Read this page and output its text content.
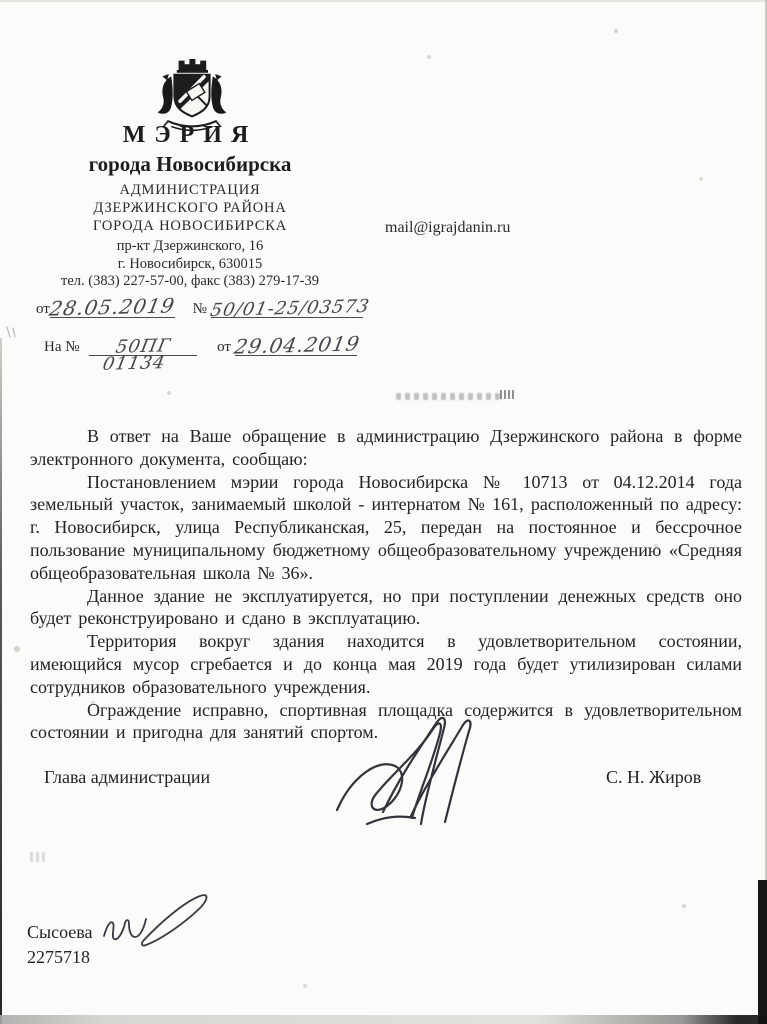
МЭРИЯ
города Новосибирска
АДМИНИСТРАЦИЯ
ДЗЕРЖИНСКОГО РАЙОНА
ГОРОДА НОВОСИБИРСКА	mail@igrajdanin.ru
пр-кт Дзержинского, 16
г. Новосибирск, 630015
тел. (383) 227-57-00, факс (383) 279-17-39
от28.05.2019 № 50/01-25/03573
На № 50ПГ
01134
от 29.04.2019

В ответ на Ваше обращение в администрацию Дзержинского района в форме электронного документа, сообщаю:

Постановлением мэрии города Новосибирска № 10713 от 04.12.2014 года земельный участок, занимаемый школой - интернатом № 161, расположенный по адресу: г. Новосибирск, улица Республиканская, 25, передан на постоянное и бессрочное пользование муниципальному бюджетному общеобразовательному учреждению «Средняя общеобразовательная школа № 36».

Данное здание не эксплуатируется, но при поступлении денежных средств оно будет реконструировано и сдано в эксплуатацию.

Территория вокруг здания находится в удовлетворительном состоянии, имеющийся мусор сгребается и до конца мая 2019 года будет утилизирован силами сотрудников образовательного учреждения.

Ограждение исправно, спортивная площадка содержится в удовлетворительном состоянии и пригодна для занятий спортом.

Глава администрации	С. Н. Жиров
Сысоева
2275718
